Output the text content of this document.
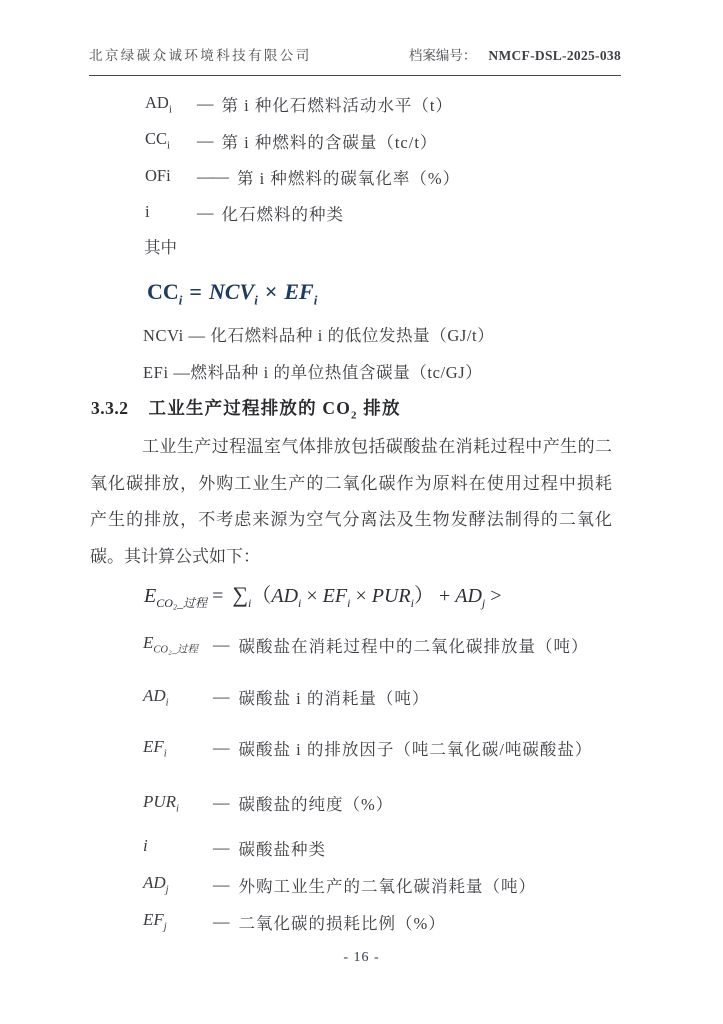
北京绿碳众诚环境科技有限公司	档案编号： NMCF-DSL-2025-038
$AD_i$	— 第 i 种化石燃料活动水平（t）
$CC_i$	— 第 i 种燃料的含碳量（tc/t）
OFi	—— 第 i 种燃料的碳氧化率（%）
i	— 化石燃料的种类
其中
$CC_i = NCV_i \times EF_i$
NCVi — 化石燃料品种 i 的低位发热量（GJ/t）
EFi —燃料品种 i 的单位热值含碳量（tc/GJ）
3.3.2 工业生产过程排放的 $CO_2$ 排放
工业生产过程温室气体排放包括碳酸盐在消耗过程中产生的二
氧化碳排放，外购工业生产的二氧化碳作为原料在使用过程中损耗
产生的排放，不考虑来源为空气分离法及生物发酵法制得的二氧化
碳。其计算公式如下：
$E_{CO_2\_过程} = \sum_i(AD_i \times EF_i \times PUR_i) + AD_j$ >
$E_{CO_2\_过程}$ — 碳酸盐在消耗过程中的二氧化碳排放量（吨）
$AD_i$	— 碳酸盐 i 的消耗量（吨）
$EF_i$	— 碳酸盐 i 的排放因子（吨二氧化碳/吨碳酸盐）
$PUR_i$	— 碳酸盐的纯度（%）
i	— 碳酸盐种类
$AD_j$	— 外购工业生产的二氧化碳消耗量（吨）
$EF_j$	— 二氧化碳的损耗比例（%）
- 16 -
